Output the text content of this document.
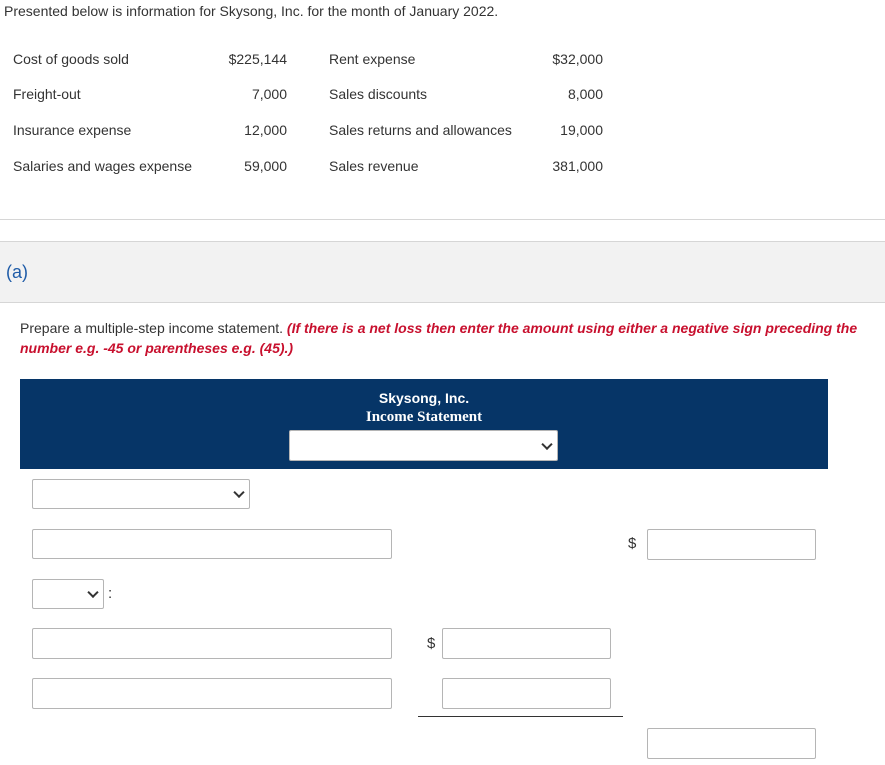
Presented below is information for Skysong, Inc. for the month of January 2022.
Cost of goods sold	$225,144	Rent expense	$32,000
Freight-out	7,000	Sales discounts	8,000
Insurance expense	12,000	Sales returns and allowances	19,000
Salaries and wages expense	59,000	Sales revenue	381,000
(a)
Prepare a multiple-step income statement. (If there is a net loss then enter the amount using either a negative sign preceding the number e.g. -45 or parentheses e.g. (45).)
Skysong, Inc.
Income Statement
$
:
$
